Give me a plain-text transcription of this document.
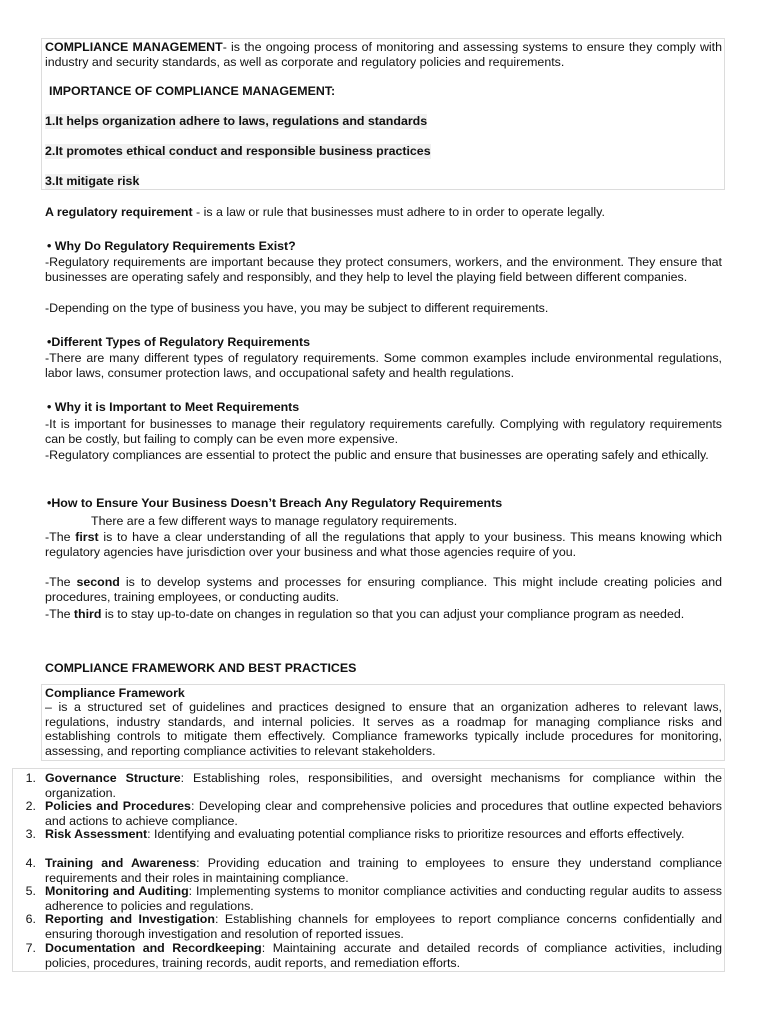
COMPLIANCE MANAGEMENT- is the ongoing process of monitoring and assessing systems to ensure they comply with industry and security standards, as well as corporate and regulatory policies and requirements.
IMPORTANCE OF COMPLIANCE MANAGEMENT:
1.It helps organization adhere to laws, regulations and standards
2.It promotes ethical conduct and responsible business practices
3.It mitigate risk
A regulatory requirement - is a law or rule that businesses must adhere to in order to operate legally.
• Why Do Regulatory Requirements Exist?
-Regulatory requirements are important because they protect consumers, workers, and the environment. They ensure that businesses are operating safely and responsibly, and they help to level the playing field between different companies.
-Depending on the type of business you have, you may be subject to different requirements.
•Different Types of Regulatory Requirements
-There are many different types of regulatory requirements. Some common examples include environmental regulations, labor laws, consumer protection laws, and occupational safety and health regulations.
• Why it is Important to Meet Requirements
-It is important for businesses to manage their regulatory requirements carefully. Complying with regulatory requirements can be costly, but failing to comply can be even more expensive.
-Regulatory compliances are essential to protect the public and ensure that businesses are operating safely and ethically.
•How to Ensure Your Business Doesn’t Breach Any Regulatory Requirements
There are a few different ways to manage regulatory requirements.
-The first is to have a clear understanding of all the regulations that apply to your business. This means knowing which regulatory agencies have jurisdiction over your business and what those agencies require of you.
-The second is to develop systems and processes for ensuring compliance. This might include creating policies and procedures, training employees, or conducting audits.
-The third is to stay up-to-date on changes in regulation so that you can adjust your compliance program as needed.
COMPLIANCE FRAMEWORK AND BEST PRACTICES
Compliance Framework
– is a structured set of guidelines and practices designed to ensure that an organization adheres to relevant laws, regulations, industry standards, and internal policies. It serves as a roadmap for managing compliance risks and establishing controls to mitigate them effectively. Compliance frameworks typically include procedures for monitoring, assessing, and reporting compliance activities to relevant stakeholders.
1. Governance Structure: Establishing roles, responsibilities, and oversight mechanisms for compliance within the organization.
2. Policies and Procedures: Developing clear and comprehensive policies and procedures that outline expected behaviors and actions to achieve compliance.
3. Risk Assessment: Identifying and evaluating potential compliance risks to prioritize resources and efforts effectively.
4. Training and Awareness: Providing education and training to employees to ensure they understand compliance requirements and their roles in maintaining compliance.
5. Monitoring and Auditing: Implementing systems to monitor compliance activities and conducting regular audits to assess adherence to policies and regulations.
6. Reporting and Investigation: Establishing channels for employees to report compliance concerns confidentially and ensuring thorough investigation and resolution of reported issues.
7. Documentation and Recordkeeping: Maintaining accurate and detailed records of compliance activities, including policies, procedures, training records, audit reports, and remediation efforts.
